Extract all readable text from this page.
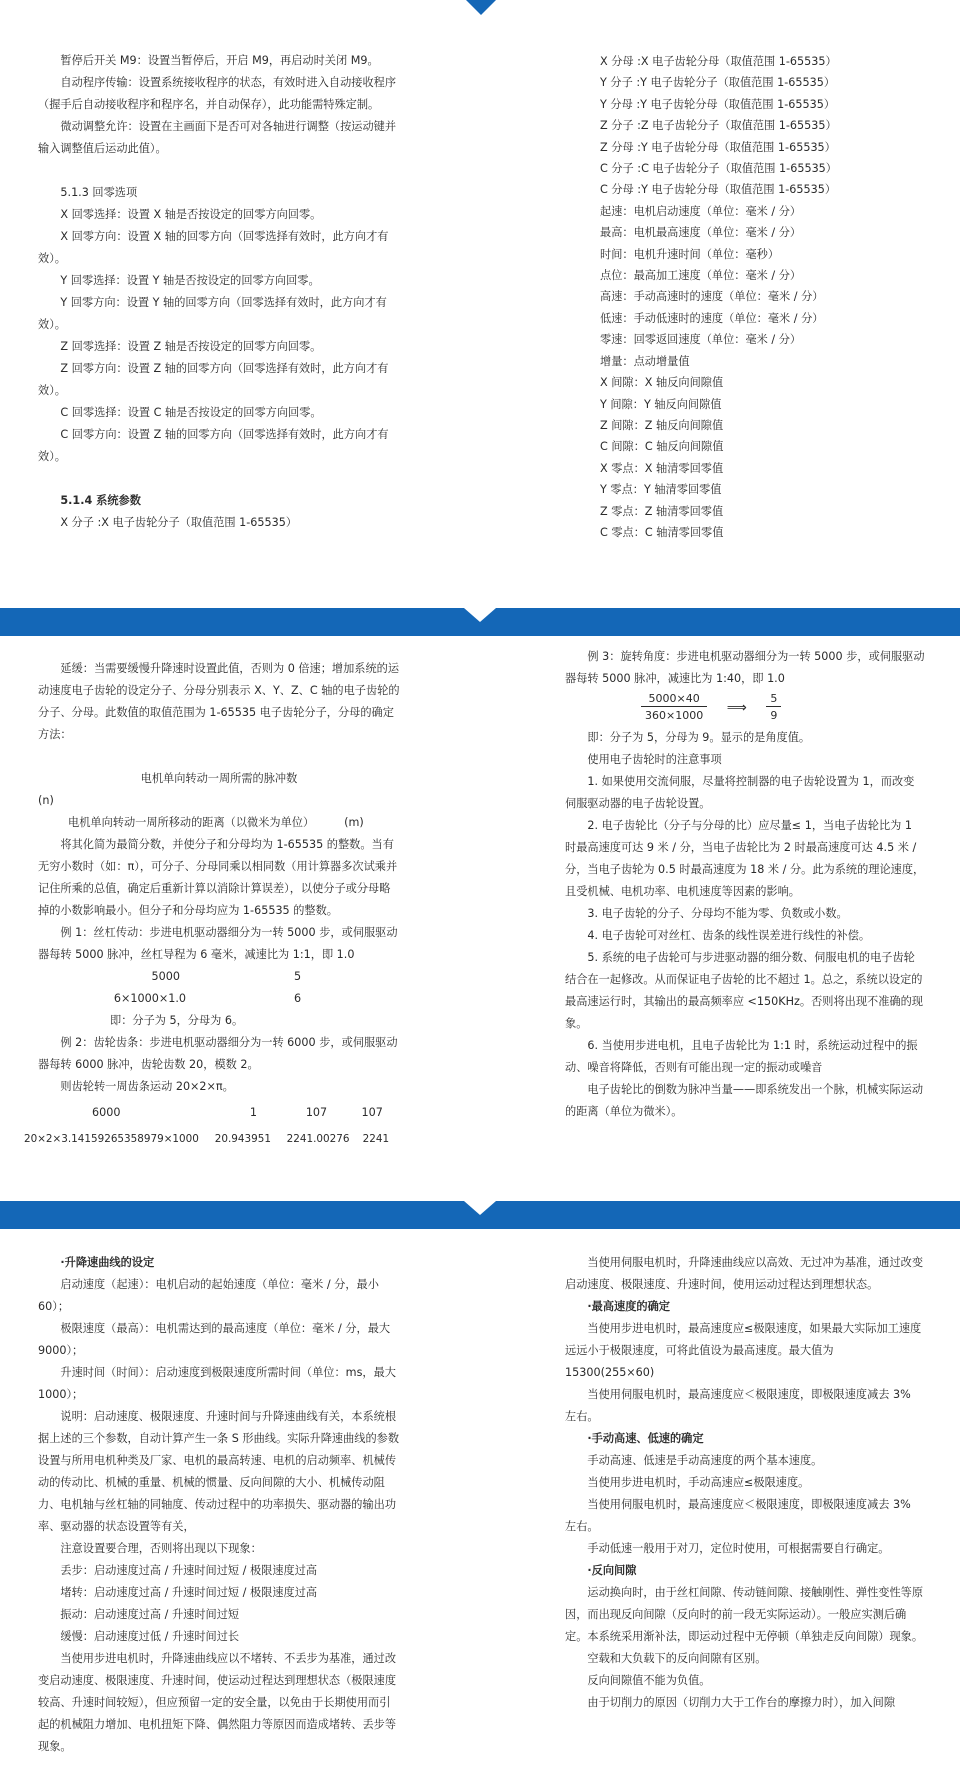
暂停后开关 M9：设置当暂停后，开启 M9，再启动时关闭 M9。

自动程序传输：设置系统接收程序的状态，有效时进入自动接收程序（握手后自动接收程序和程序名，并自动保存），此功能需特殊定制。

微动调整允许：设置在主画面下是否可对各轴进行调整（按运动键并输入调整值后运动此值）。

5.1.3 回零选项

X 回零选择：设置 X 轴是否按设定的回零方向回零。

X 回零方向：设置 X 轴的回零方向（回零选择有效时，此方向才有效）。

Y 回零选择：设置 Y 轴是否按设定的回零方向回零。

Y 回零方向：设置 Y 轴的回零方向（回零选择有效时，此方向才有效）。

Z 回零选择：设置 Z 轴是否按设定的回零方向回零。

Z 回零方向：设置 Z 轴的回零方向（回零选择有效时，此方向才有效）。

C 回零选择：设置 C 轴是否按设定的回零方向回零。

C 回零方向：设置 Z 轴的回零方向（回零选择有效时，此方向才有效）。

5.1.4 系统参数

X 分子 :X 电子齿轮分子（取值范围 1-65535）

X 分母 :X 电子齿轮分母（取值范围 1-65535）

Y 分子 :Y 电子齿轮分子（取值范围 1-65535）

Y 分母 :Y 电子齿轮分母（取值范围 1-65535）

Z 分子 :Z 电子齿轮分子（取值范围 1-65535）

Z 分母 :Y 电子齿轮分母（取值范围 1-65535）

C 分子 :C 电子齿轮分子（取值范围 1-65535）

C 分母 :Y 电子齿轮分母（取值范围 1-65535）

起速：电机启动速度（单位：毫米 / 分）

最高：电机最高速度（单位：毫米 / 分）

时间：电机升速时间（单位：毫秒）

点位：最高加工速度（单位：毫米 / 分）

高速：手动高速时的速度（单位：毫米 / 分）

低速：手动低速时的速度（单位：毫米 / 分）

零速：回零返回速度（单位：毫米 / 分）

增量：点动增量值

X 间隙：X 轴反向间隙值

Y 间隙：Y 轴反向间隙值

Z 间隙：Z 轴反向间隙值

C 间隙：C 轴反向间隙值

X 零点：X 轴清零回零值

Y 零点：Y 轴清零回零值

Z 零点：Z 轴清零回零值

C 零点：C 轴清零回零值

延缓：当需要缓慢升降速时设置此值，否则为 0 倍速；增加系统的运动速度电子齿轮的设定分子、分母分别表示 X、Y、Z、C 轴的电子齿轮的分子、分母。此数值的取值范围为 1-65535 电子齿轮分子，分母的确定方法：

电机单向转动一周所需的脉冲数

(n)

电机单向转动一周所移动的距离（以微米为单位）	(m)

将其化简为最简分数，并使分子和分母均为 1-65535 的整数。当有无穷小数时（如：π），可分子、分母同乘以相同数（用计算器多次试乘并记住所乘的总值，确定后重新计算以消除计算误差），以使分子或分母略掉的小数影响最小。但分子和分母均应为 1-65535 的整数。

例 1：丝杠传动：步进电机驱动器细分为一转 5000 步，或伺服驱动器每转 5000 脉冲，丝杠导程为 6 毫米，减速比为 1:1，即 1.0

5000	5
6×1000×1.0	6

即：分子为 5，分母为 6。

例 2：齿轮齿条：步进电机驱动器细分为一转 6000 步，或伺服驱动器每转 6000 脉冲，齿轮齿数 20，模数 2。

则齿轮转一周齿条运动 20×2×π。

6000	1	107	107
20×2×3.14159265358979×1000	20.943951	2241.00276	2241

例 3：旋转角度：步进电机驱动器细分为一转 5000 步，或伺服驱动器每转 5000 脉冲，减速比为 1:40，即 1.0

$\frac{5000\times 40}{360\times 1000}$ ⟹ $\frac{5}{9}$

即：分子为 5，分母为 9。显示的是角度值。

使用电子齿轮时的注意事项

1. 如果使用交流伺服，尽量将控制器的电子齿轮设置为 1，而改变伺服驱动器的电子齿轮设置。

2. 电子齿轮比（分子与分母的比）应尽量≤ 1，当电子齿轮比为 1 时最高速度可达 9 米 / 分，当电子齿轮比为 2 时最高速度可达 4.5 米 / 分，当电子齿轮为 0.5 时最高速度为 18 米 / 分。此为系统的理论速度，且受机械、电机功率、电机速度等因素的影响。

3. 电子齿轮的分子、分母均不能为零、负数或小数。

4. 电子齿轮可对丝杠、齿条的线性误差进行线性的补偿。

5. 系统的电子齿轮可与步进驱动器的细分数、伺服电机的电子齿轮结合在一起修改。从而保证电子齿轮的比不超过 1。总之，系统以设定的最高速运行时，其输出的最高频率应 <150KHz。否则将出现不准确的现象。

6. 当使用步进电机，且电子齿轮比为 1:1 时，系统运动过程中的振动、噪音将降低，否则有可能出现一定的振动或噪音

电子齿轮比的倒数为脉冲当量——即系统发出一个脉，机械实际运动的距离（单位为微米）。

·升降速曲线的设定

启动速度（起速）：电机启动的起始速度（单位：毫米 / 分，最小 60）；

极限速度（最高）：电机需达到的最高速度（单位：毫米 / 分，最大 9000）；

升速时间（时间）：启动速度到极限速度所需时间（单位：ms，最大 1000）；

说明：启动速度、极限速度、升速时间与升降速曲线有关，本系统根据上述的三个参数，自动计算产生一条 S 形曲线。实际升降速曲线的参数设置与所用电机种类及厂家、电机的最高转速、电机的启动频率、机械传动的传动比、机械的重量、机械的惯量、反向间隙的大小、机械传动阻力、电机轴与丝杠轴的同轴度、传动过程中的功率损失、驱动器的输出功率、驱动器的状态设置等有关，

注意设置要合理，否则将出现以下现象：

丢步：启动速度过高 / 升速时间过短 / 极限速度过高

堵转：启动速度过高 / 升速时间过短 / 极限速度过高

振动：启动速度过高 / 升速时间过短

缓慢：启动速度过低 / 升速时间过长

当使用步进电机时，升降速曲线应以不堵转、不丢步为基准，通过改变启动速度、极限速度、升速时间，使运动过程达到理想状态（极限速度较高、升速时间较短），但应预留一定的安全量，以免由于长期使用而引起的机械阻力增加、电机扭矩下降、偶然阻力等原因而造成堵转、丢步等现象。

当使用伺服电机时，升降速曲线应以高效、无过冲为基准，通过改变启动速度、极限速度、升速时间，使用运动过程达到理想状态。

·最高速度的确定

当使用步进电机时，最高速度应≤极限速度，如果最大实际加工速度远远小于极限速度，可将此值设为最高速度。最大值为 15300(255×60)

当使用伺服电机时，最高速度应＜极限速度，即极限速度减去 3% 左右。

·手动高速、低速的确定

手动高速、低速是手动高速度的两个基本速度。

当使用步进电机时，手动高速应≤极限速度。

当使用伺服电机时，最高速度应＜极限速度，即极限速度减去 3% 左右。

手动低速一般用于对刀，定位时使用，可根据需要自行确定。

·反向间隙

运动换向时，由于丝杠间隙、传动链间隙、接触刚性、弹性变性等原因，而出现反向间隙（反向时的前一段无实际运动）。一般应实测后确定。本系统采用渐补法，即运动过程中无停顿（单独走反向间隙）现象。

空载和大负载下的反向间隙有区别。

反向间隙值不能为负值。

由于切削力的原因（切削力大于工作台的摩擦力时），加入间隙
